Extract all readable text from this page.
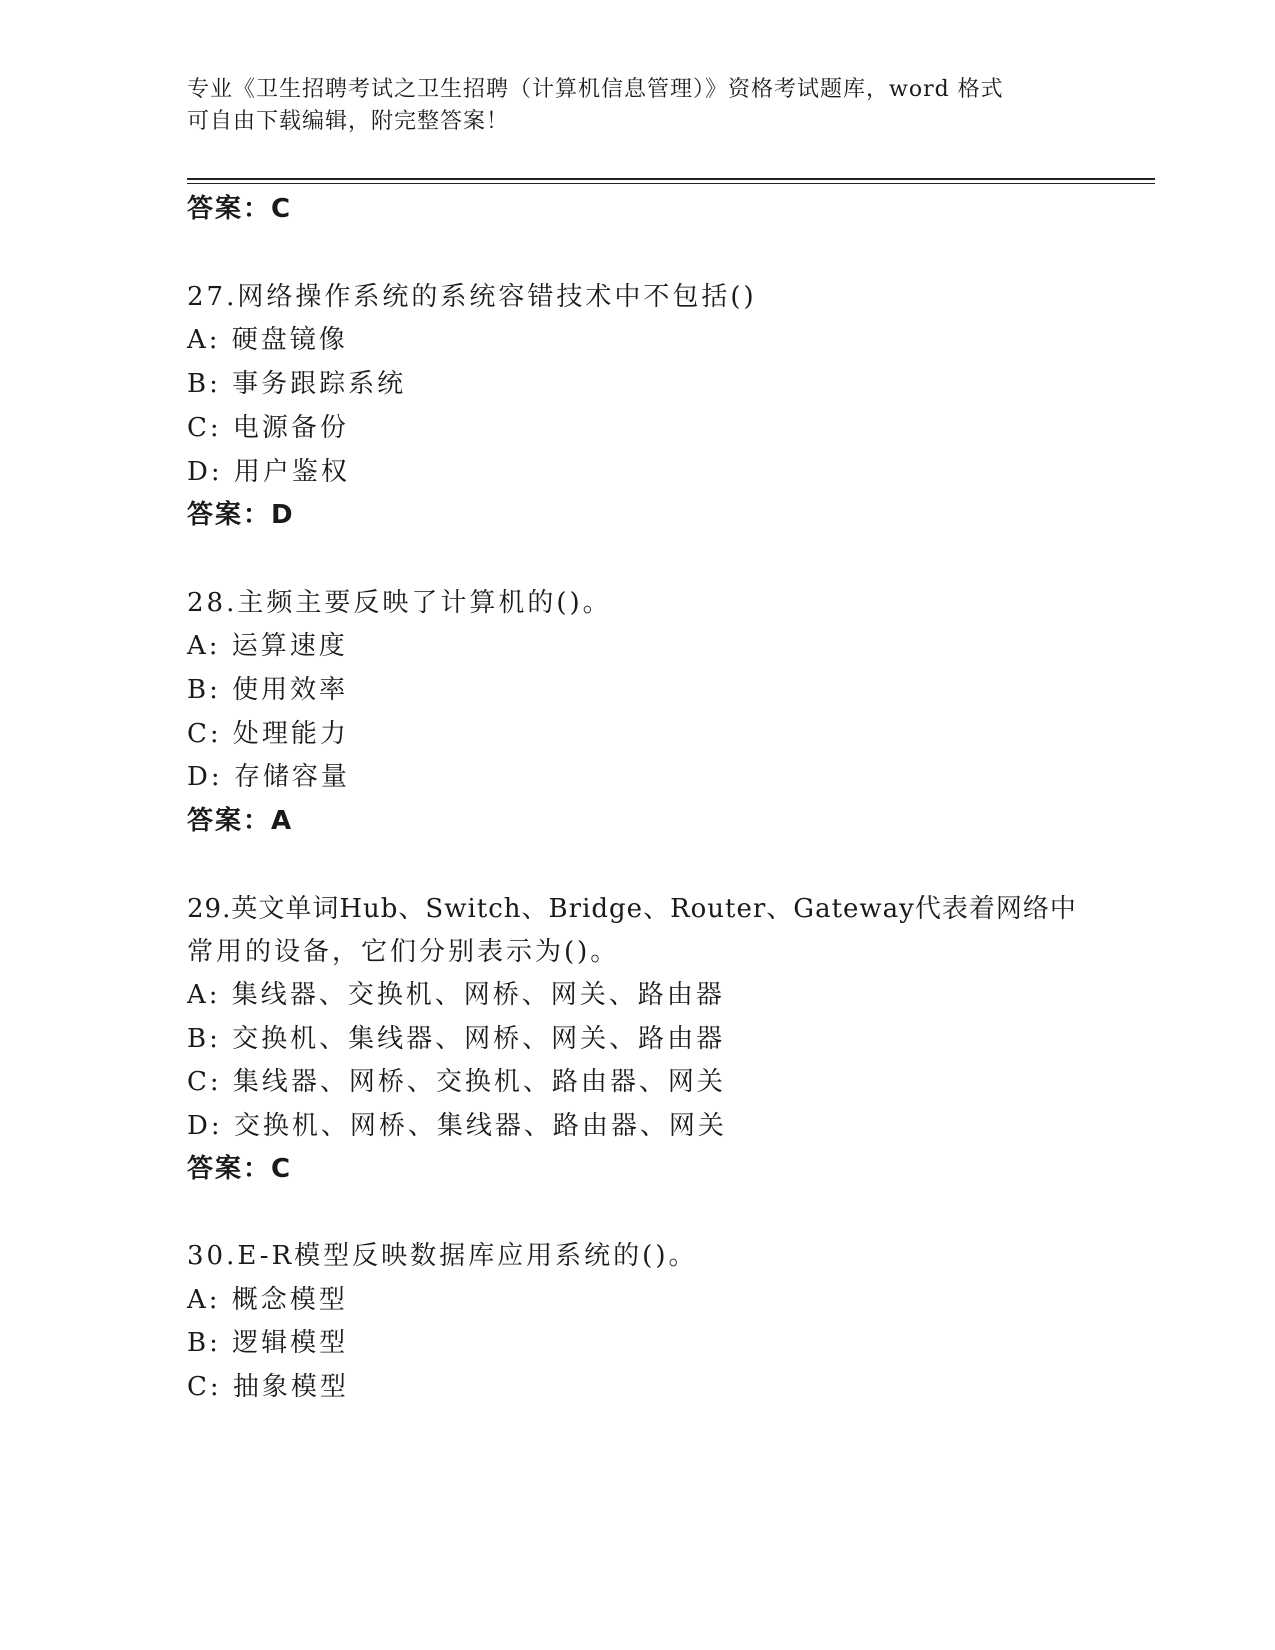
专业《卫生招聘考试之卫生招聘（计算机信息管理）》资格考试题库，word 格式
可自由下载编辑，附完整答案！
答案：C
27.网络操作系统的系统容错技术中不包括()
A: 硬盘镜像
B: 事务跟踪系统
C: 电源备份
D: 用户鉴权
答案：D
28.主频主要反映了计算机的()。
A: 运算速度
B: 使用效率
C: 处理能力
D: 存储容量
答案：A
29.英文单词Hub、Switch、Bridge、Router、Gateway代表着网络中
常用的设备，它们分别表示为()。
A: 集线器、交换机、网桥、网关、路由器
B: 交换机、集线器、网桥、网关、路由器
C: 集线器、网桥、交换机、路由器、网关
D: 交换机、网桥、集线器、路由器、网关
答案：C
30.E-R模型反映数据库应用系统的()。
A: 概念模型
B: 逻辑模型
C: 抽象模型
